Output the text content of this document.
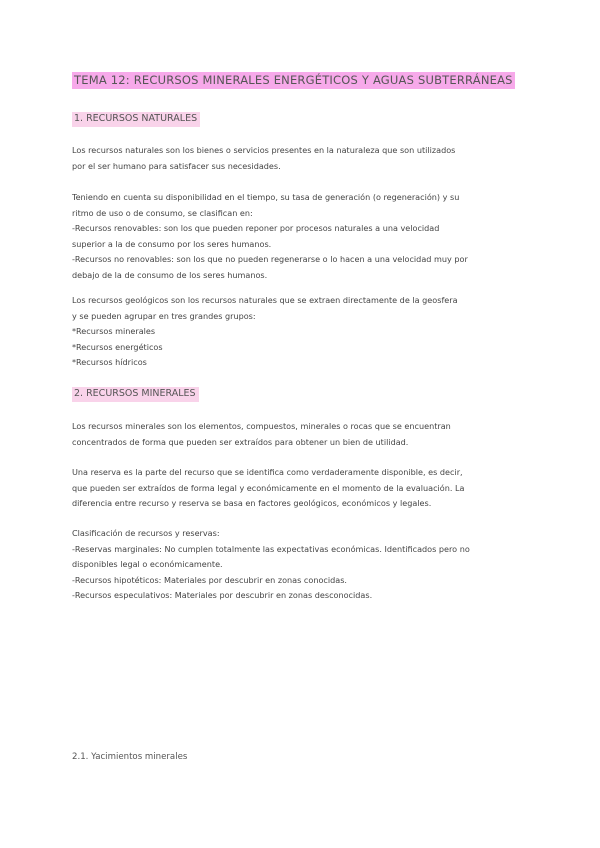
TEMA 12: RECURSOS MINERALES ENERGÉTICOS Y AGUAS SUBTERRÁNEAS
1. RECURSOS NATURALES
Los recursos naturales son los bienes o servicios presentes en la naturaleza que son utilizados
por el ser humano para satisfacer sus necesidades.
Teniendo en cuenta su disponibilidad en el tiempo, su tasa de generación (o regeneración) y su
ritmo de uso o de consumo, se clasifican en:
-Recursos renovables: son los que pueden reponer por procesos naturales a una velocidad
superior a la de consumo por los seres humanos.
-Recursos no renovables: son los que no pueden regenerarse o lo hacen a una velocidad muy por
debajo de la de consumo de los seres humanos.
Los recursos geológicos son los recursos naturales que se extraen directamente de la geosfera
y se pueden agrupar en tres grandes grupos:
*Recursos minerales
*Recursos energéticos
*Recursos hídricos
2. RECURSOS MINERALES
Los recursos minerales son los elementos, compuestos, minerales o rocas que se encuentran
concentrados de forma que pueden ser extraídos para obtener un bien de utilidad.
Una reserva es la parte del recurso que se identifica como verdaderamente disponible, es decir,
que pueden ser extraídos de forma legal y económicamente en el momento de la evaluación. La
diferencia entre recurso y reserva se basa en factores geológicos, económicos y legales.
Clasificación de recursos y reservas:
-Reservas marginales: No cumplen totalmente las expectativas económicas. Identificados pero no
disponibles legal o económicamente.
-Recursos hipotéticos: Materiales por descubrir en zonas conocidas.
-Recursos especulativos: Materiales por descubrir en zonas desconocidas.
2.1. Yacimientos minerales
